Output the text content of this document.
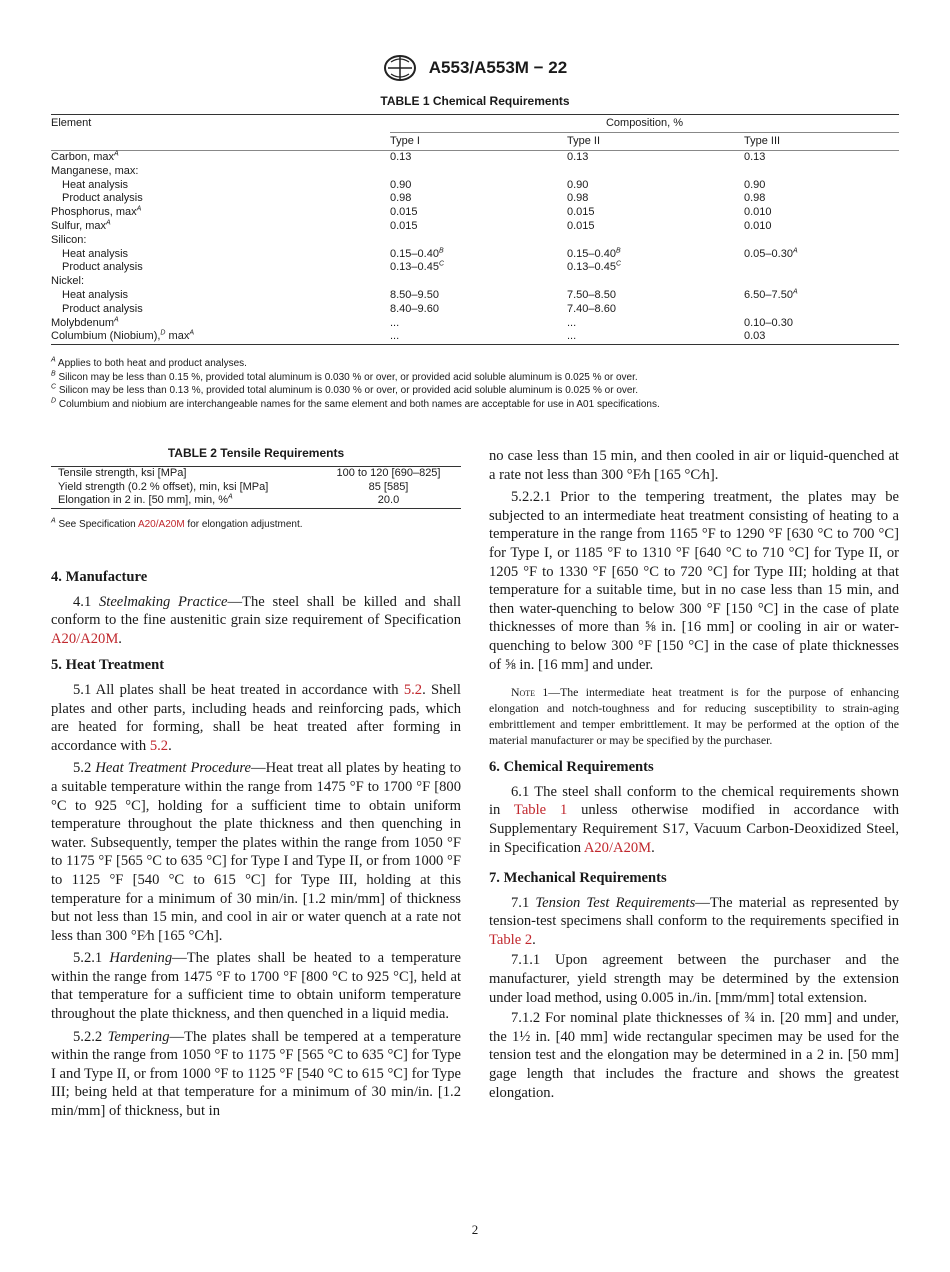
A553/A553M − 22
TABLE 1 Chemical Requirements
Element	Composition, %		
	Type I	Type II	Type III
Carbon, $\max^A$	0.13	0.13	0.13
Manganese, max:			
Heat analysis	0.90	0.90	0.90
Product analysis	0.98	0.98	0.98
Phosphorus, $\max^A$	0.015	0.015	0.010
Sulfur, $\max^A$	0.015	0.015	0.010
Silicon:			
Heat analysis	$0.15-0.40^B$	$0.15-0.40^B$	$0.05-0.30^A$
Product analysis	$0.13-0.45^C$	$0.13-0.45^C$	
Nickel:			
Heat analysis	8.50–9.50	7.50–8.50	$6.50-7.50^A$
Product analysis	8.40–9.60	7.40–8.60	
Molybdenum$^A$	...	...	0.10–0.30
Columbium (Niobium),$^D$ $\max^A$	...	...	0.03
$^A$ Applies to both heat and product analyses.
$^B$ Silicon may be less than 0.15 %, provided total aluminum is 0.030 % or over, or provided acid soluble aluminum is 0.025 % or over.
$^C$ Silicon may be less than 0.13 %, provided total aluminum is 0.030 % or over, or provided acid soluble aluminum is 0.025 % or over.
$^D$ Columbium and niobium are interchangeable names for the same element and both names are acceptable for use in A01 specifications.
TABLE 2 Tensile Requirements
Tensile strength, ksi [MPa]	100 to 120 [690–825]
Yield strength (0.2 % offset), min, ksi [MPa]	85 [585]
Elongation in 2 in. [50 mm], min, %$^A$	20.0
$^A$ See Specification A20/A20M for elongation adjustment.
4. Manufacture

4.1 Steelmaking Practice—The steel shall be killed and shall conform to the fine austenitic grain size requirement of Specification A20/A20M.

5. Heat Treatment

5.1 All plates shall be heat treated in accordance with 5.2. Shell plates and other parts, including heads and reinforcing pads, which are heated for forming, shall be heat treated after forming in accordance with 5.2.

5.2 Heat Treatment Procedure—Heat treat all plates by heating to a suitable temperature within the range from 1475 °F to 1700 °F [800 °C to 925 °C], holding for a sufficient time to obtain uniform temperature throughout the plate thickness and then quenching in water. Subsequently, temper the plates within the range from 1050 °F to 1175 °F [565 °C to 635 °C] for Type I and Type II, or from 1000 °F to 1125 °F [540 °C to 615 °C] for Type III, holding at this temperature for a minimum of 30 min/in. [1.2 min/mm] of thickness but not less than 15 min, and cool in air or water quench at a rate not less than 300 °F⁄h [165 °C⁄h].

5.2.1 Hardening—The plates shall be heated to a temperature within the range from 1475 °F to 1700 °F [800 °C to 925 °C], held at that temperature for a sufficient time to obtain uniform temperature throughout the plate thickness, and then quenched in a liquid media.

5.2.2 Tempering—The plates shall be tempered at a temperature within the range from 1050 °F to 1175 °F [565 °C to 635 °C] for Type I and Type II, or from 1000 °F to 1125 °F [540 °C to 615 °C] for Type III; being held at that temperature for a minimum of 30 min/in. [1.2 min/mm] of thickness, but in

no case less than 15 min, and then cooled in air or liquid-quenched at a rate not less than 300 °F⁄h [165 °C⁄h].

5.2.2.1 Prior to the tempering treatment, the plates may be subjected to an intermediate heat treatment consisting of heating to a temperature in the range from 1165 °F to 1290 °F [630 °C to 700 °C] for Type I, or 1185 °F to 1310 °F [640 °C to 710 °C] for Type II, or 1205 °F to 1330 °F [650 °C to 720 °C] for Type III; holding at that temperature for a suitable time, but in no case less than 15 min, and then water-quenching to below 300 °F [150 °C] in the case of plate thicknesses of more than ⅝ in. [16 mm] or cooling in air or water-quenching to below 300 °F [150 °C] in the case of plate thicknesses of ⅝ in. [16 mm] and under.

Note 1—The intermediate heat treatment is for the purpose of enhancing elongation and notch-toughness and for reducing susceptibility to strain-aging embrittlement and temper embrittlement. It may be performed at the option of the material manufacturer or may be specified by the purchaser.

6. Chemical Requirements

6.1 The steel shall conform to the chemical requirements shown in Table 1 unless otherwise modified in accordance with Supplementary Requirement S17, Vacuum Carbon-Deoxidized Steel, in Specification A20/A20M.

7. Mechanical Requirements

7.1 Tension Test Requirements—The material as represented by tension-test specimens shall conform to the requirements specified in Table 2.

7.1.1 Upon agreement between the purchaser and the manufacturer, yield strength may be determined by the extension under load method, using 0.005 in./in. [mm/mm] total extension.

7.1.2 For nominal plate thicknesses of ¾ in. [20 mm] and under, the 1½ in. [40 mm] wide rectangular specimen may be used for the tension test and the elongation may be determined in a 2 in. [50 mm] gage length that includes the fracture and shows the greatest elongation.

2
